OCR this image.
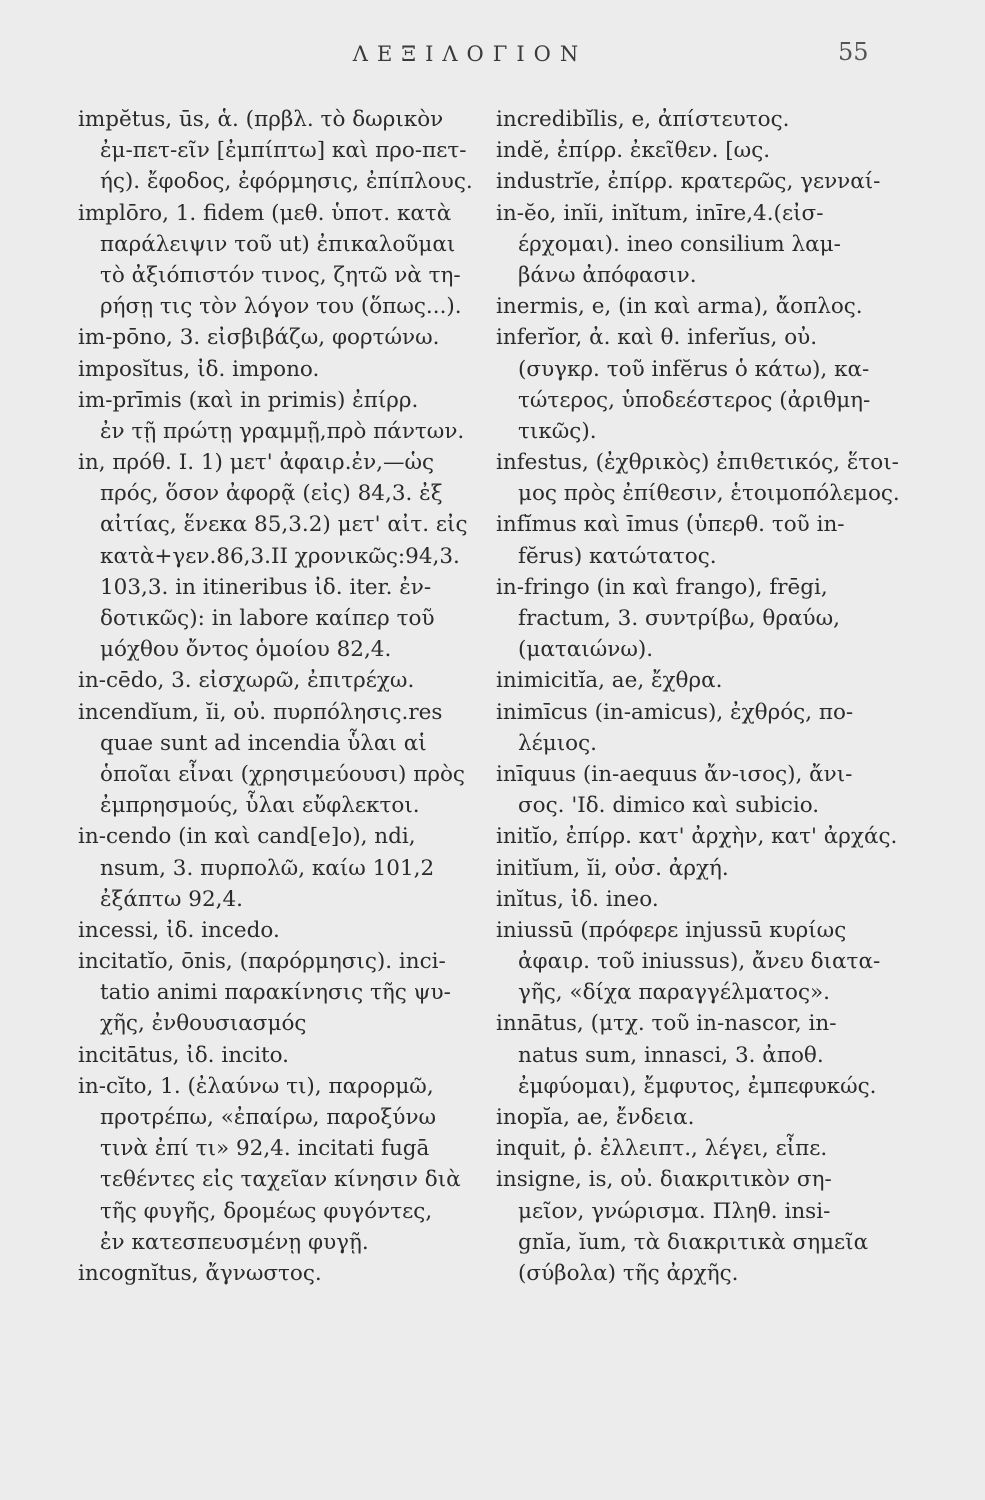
ΛΕΞΙΛΟΓΙΟΝ	55
impĕtus, ūs, ἁ. (πρβλ. τὸ δωρικὸν
ἐμ-πετ-εῖν [ἐμπίπτω] καὶ προ-πετ-
ής). ἔφοδος, ἐφόρμησις, ἐπίπλους.
implōro, 1. fidem (μεθ. ὑποτ. κατὰ
παράλειψιν τοῦ ut) ἐπικαλοῦμαι
τὸ ἀξιόπιστόν τινος, ζητῶ νὰ τη-
ρήσῃ τις τὸν λόγον του (ὅπως...).
im-pōno, 3. εἰσβιβάζω, φορτώνω.
imposĭtus, ἰδ. impono.
im-prīmis (καὶ in primis) ἐπίρρ.
ἐν τῇ πρώτῃ γραμμῇ,πρὸ πάντων.
in, πρόθ. I. 1) μετ' ἀφαιρ.ἐν,—ὡς
πρός, ὅσον ἀφορᾷ (εἰς) 84,3. ἐξ
αἰτίας, ἕνεκα 85,3.2) μετ' αἰτ. εἰς
κατὰ+γεν.86,3.II χρονικῶς:94,3.
103,3. in itineribus ἰδ. iter. ἐν-
δοτικῶς): in labore καίπερ τοῦ
μόχθου ὄντος ὁμοίου 82,4.
in-cēdo, 3. εἰσχωρῶ, ἐπιτρέχω.
incendĭum, ĭi, οὐ. πυρπόλησις.res
quae sunt ad incendia ὗλαι αἱ
ὁποῖαι εἶναι (χρησιμεύουσι) πρὸς
ἐμπρησμούς, ὗλαι εὔφλεκτοι.
in-cendo (in καὶ cand[e]o), ndi,
nsum, 3. πυρπολῶ, καίω 101,2
ἐξάπτω 92,4.
incessi, ἰδ. incedo.
incitatĭo, ōnis, (παρόρμησις). inci-
tatio animi παρακίνησις τῆς ψυ-
χῆς, ἐνθουσιασμός
incitātus, ἰδ. incito.
in-cĭto, 1. (ἐλαύνω τι), παρορμῶ,
προτρέπω, «ἐπαίρω, παροξύνω
τινὰ ἐπί τι» 92,4. incitati fugā
τεθέντες εἰς ταχεῖαν κίνησιν διὰ
τῆς φυγῆς, δρομέως φυγόντες,
ἐν κατεσπευσμένῃ φυγῇ.
incognĭtus, ἄγνωστος.
incredibĭlis, e, ἀπίστευτος.
indĕ, ἐπίρρ. ἐκεῖθεν. [ως.
industrĭe, ἐπίρρ. κρατερῶς, γενναί-
in-ĕo, inĭi, inĭtum, inīre,4.(εἰσ-
έρχομαι). ineo consilium λαμ-
βάνω ἀπόφασιν.
inermis, e, (in καὶ arma), ἄοπλος.
inferĭor, ἀ. καὶ θ. inferĭus, οὐ.
(συγκρ. τοῦ infĕrus ὁ κάτω), κα-
τώτερος, ὑποδεέστερος (ἀριθμη-
τικῶς).
infestus, (ἐχθρικὸς) ἐπιθετικός, ἕτοι-
μος πρὸς ἐπίθεσιν, ἑτοιμοπόλεμος.
infĭmus καὶ īmus (ὑπερθ. τοῦ in-
fĕrus) κατώτατος.
in-fringo (in καὶ frango), frēgi,
fractum, 3. συντρίβω, θραύω,
(ματαιώνω).
inimicitĭa, ae, ἔχθρα.
inimīcus (in-amicus), ἐχθρός, πο-
λέμιος.
inīquus (in-aequus ἄν-ισος), ἄνι-
σος. 'Ιδ. dimico καὶ subicio.
initĭo, ἐπίρρ. κατ' ἀρχὴν, κατ' ἀρχάς.
initĭum, ĭi, οὐσ. ἀρχή.
inĭtus, ἰδ. ineo.
iniussū (πρόφερε injussū κυρίως
ἀφαιρ. τοῦ iniussus), ἄνευ διατα-
γῆς, «δίχα παραγγέλματος».
innātus, (μτχ. τοῦ in-nascor, in-
natus sum, innasci, 3. ἀποθ.
ἐμφύομαι), ἔμφυτος, ἐμπεφυκώς.
inopĭa, ae, ἔνδεια.
inquit, ῥ. ἐλλειπτ., λέγει, εἶπε.
insigne, is, οὐ. διακριτικὸν ση-
μεῖον, γνώρισμα. Πληθ. insi-
gnĭa, ĭum, τὰ διακριτικὰ σημεῖα
(σύβολα) τῆς ἀρχῆς.
